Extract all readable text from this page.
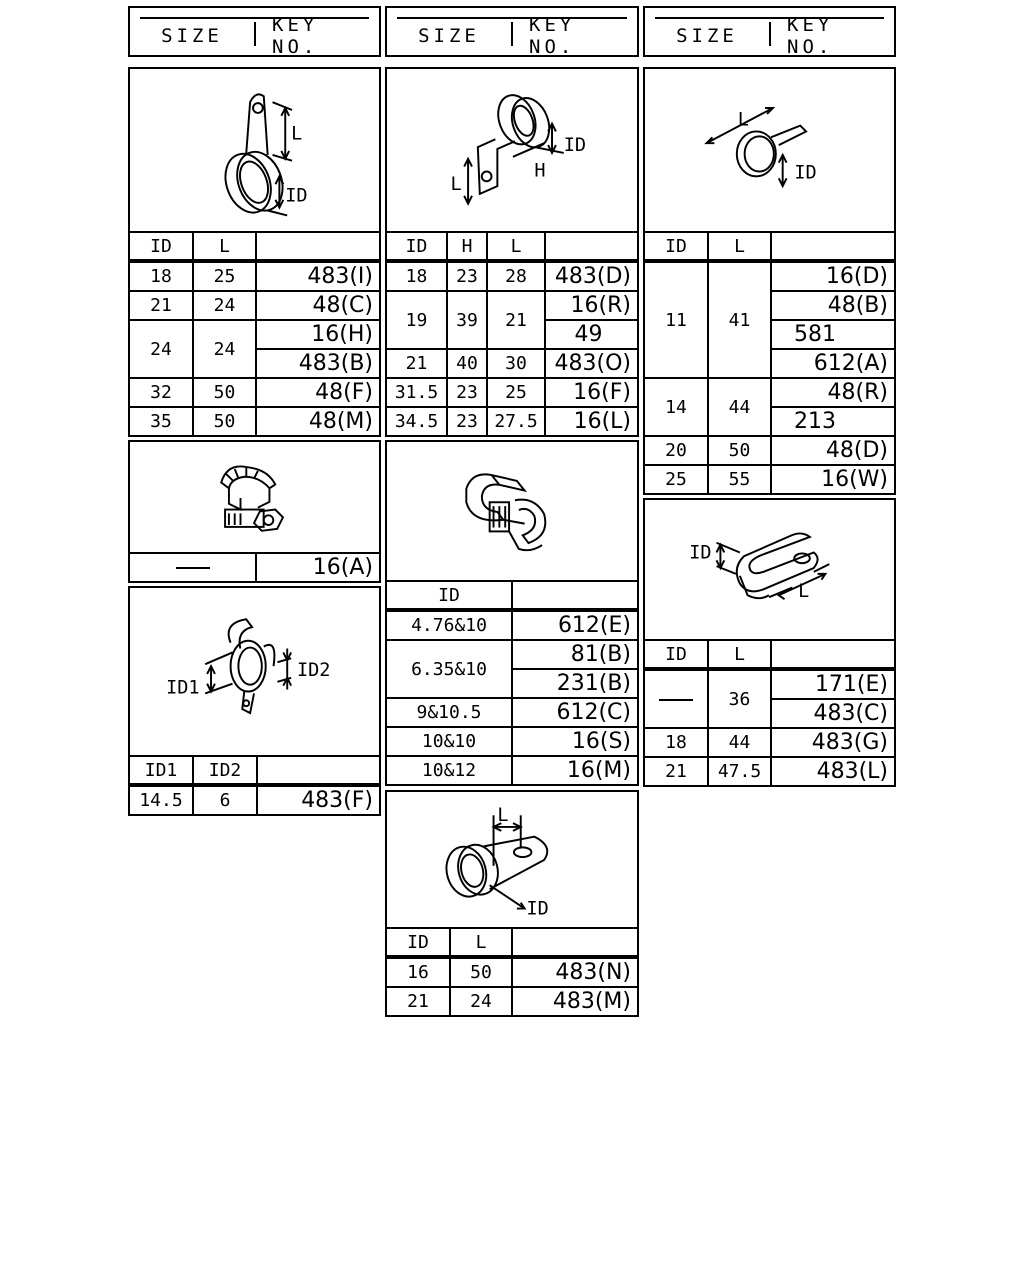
SIZE	KEY NO.	SIZE	KEY NO.	SIZE	KEY NO.
L
ID
ID
H
L
L
ID
ID	L	
18	25	483(I)
21	24	48(C)
24	24	16(H)
		483(B)
32	50	48(F)
35	50	48(M)
ID	H	L	
18	23	28	483(D)
19	39	21	16(R)
			49
21	40	30	483(O)
31.5	23	25	16(F)
34.5	23	27.5	16(L)
ID	L	
11	41	16(D)
		48(B)
		581
		612(A)
14	44	48(R)
		213
20	50	48(D)
25	55	16(W)
	16(A)
ID1
ID2
ID1	ID2	
14.5	6	483(F)
ID	
4.76&10	612(E)
6.35&10	81(B)
	231(B)
9&10.5	612(C)
10&10	16(S)
10&12	16(M)
ID
L
ID	L	
	36	171(E)
		483(C)
18	44	483(G)
21	47.5	483(L)
L
ID
ID	L	
16	50	483(N)
21	24	483(M)
